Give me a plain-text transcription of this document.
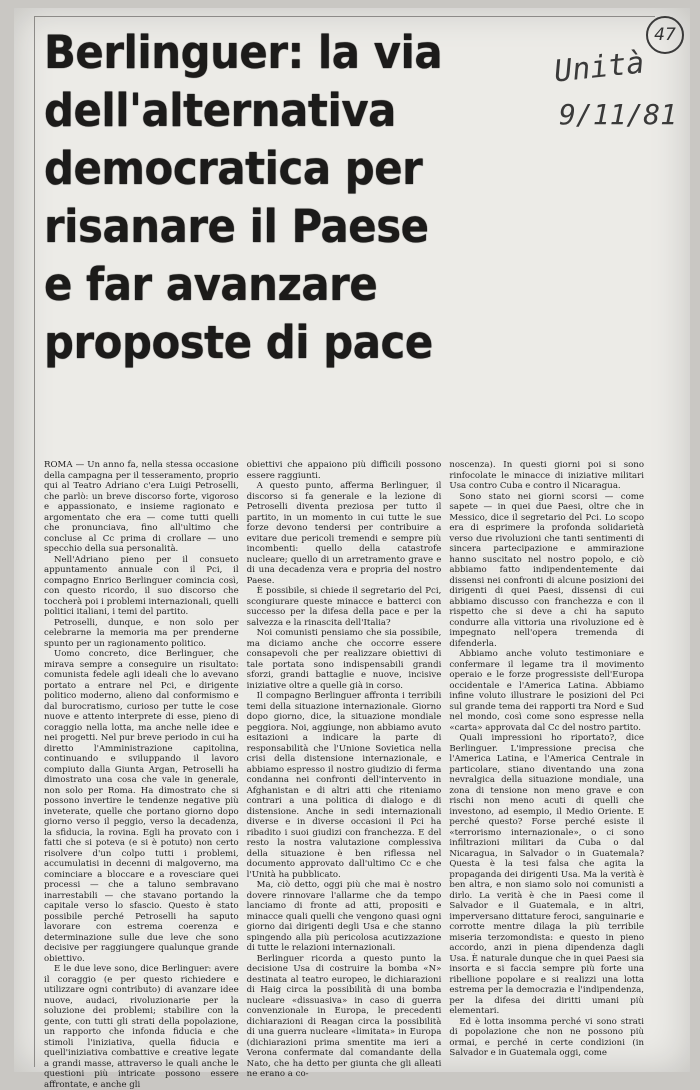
47
Unità
9/11/81
Berlinguer: la via
dell'alternativa
democratica per
risanare il Paese
e far avanzare
proposte di pace

ROMA — Un anno fa, nella stessa occasione della campagna per il tesseramento, proprio qui al Teatro Adriano c'era Luigi Petroselli, che parlò: un breve discorso forte, vigoroso e appassionato, e insieme ragionato e argomentato che era — come tutti quelli che pronunciava, fino all'ultimo che concluse al Cc prima di crollare — uno specchio della sua personalità.

Nell'Adriano pieno per il consueto appuntamento annuale con il Pci, il compagno Enrico Berlinguer comincia così, con questo ricordo, il suo discorso che toccherà poi i problemi internazionali, quelli politici italiani, i temi del partito.

Petroselli, dunque, e non solo per celebrarne la memoria ma per prenderne spunto per un ragionamento politico.

Uomo concreto, dice Berlinguer, che mirava sempre a conseguire un risultato: comunista fedele agli ideali che lo avevano portato a entrare nel Pci, e dirigente politico moderno, alieno dal conformismo e dal burocratismo, curioso per tutte le cose nuove e attento interprete di esse, pieno di coraggio nella lotta, ma anche nelle idee e nei progetti. Nel pur breve periodo in cui ha diretto l'Amministrazione capitolina, continuando e sviluppando il lavoro compiuto dalla Giunta Argan, Petroselli ha dimostrato una cosa che vale in generale, non solo per Roma. Ha dimostrato che si possono invertire le tendenze negative più inveterate, quelle che portano giorno dopo giorno verso il peggio, verso la decadenza, la sfiducia, la rovina. Egli ha provato con i fatti che si poteva (e si è potuto) non certo risolvere d'un colpo tutti i problemi, accumulatisi in decenni di malgoverno, ma cominciare a bloccare e a rovesciare quei processi — che a taluno sembravano inarrestabili — che stavano portando la capitale verso lo sfascio. Questo è stato possibile perché Petroselli ha saputo lavorare con estrema coerenza e determinazione sulle due leve che sono decisive per raggiungere qualunque grande obiettivo.

E le due leve sono, dice Berlinguer: avere il coraggio (e per questo richiedere e utilizzare ogni contributo) di avanzare idee nuove, audaci, rivoluzionarie per la soluzione dei problemi; stabilire con la gente, con tutti gli strati della popolazione, un rapporto che infonda fiducia e che stimoli l'iniziativa, quella fiducia e quell'iniziativa combattive e creative legate a grandi masse, attraverso le quali anche le questioni più intricate possono essere affrontate, e anche gli

obiettivi che appaiono più difficili possono essere raggiunti.

A questo punto, afferma Berlinguer, il discorso si fa generale e la lezione di Petroselli diventa preziosa per tutto il partito, in un momento in cui tutte le sue forze devono tendersi per contribuire a evitare due pericoli tremendi e sempre più incombenti: quello della catastrofe nucleare; quello di un arretramento grave e di una decadenza vera e propria del nostro Paese.

È possibile, si chiede il segretario del Pci, scongiurare queste minacce e batterci con successo per la difesa della pace e per la salvezza e la rinascita dell'Italia?

Noi comunisti pensiamo che sia possibile, ma diciamo anche che occorre essere consapevoli che per realizzare obiettivi di tale portata sono indispensabili grandi sforzi, grandi battaglie e nuove, incisive iniziative oltre a quelle già in corso.

Il compagno Berlinguer affronta i terribili temi della situazione internazionale. Giorno dopo giorno, dice, la situazione mondiale peggiora. Noi, aggiunge, non abbiamo avuto esitazioni a indicare la parte di responsabilità che l'Unione Sovietica nella crisi della distensione internazionale, e abbiamo espresso il nostro giudizio di ferma condanna nei confronti dell'intervento in Afghanistan e di altri atti che riteniamo contrari a una politica di dialogo e di distensione. Anche in sedi internazionali diverse e in diverse occasioni il Pci ha ribadito i suoi giudizi con franchezza. E del resto la nostra valutazione complessiva della situazione è ben riflessa nel documento approvato dall'ultimo Cc e che l'Unità ha pubblicato.

Ma, ciò detto, oggi più che mai è nostro dovere rinnovare l'allarme che da tempo lanciamo di fronte ad atti, propositi e minacce quali quelli che vengono quasi ogni giorno dai dirigenti degli Usa e che stanno spingendo alla più pericolosa acutizzazione di tutte le relazioni internazionali.

Berlinguer ricorda a questo punto la decisione Usa di costruire la bomba «N» destinata al teatro europeo, le dichiarazioni di Haig circa la possibilità di una bomba nucleare «dissuasiva» in caso di guerra convenzionale in Europa, le precedenti dichiarazioni di Reagan circa la possibilità di una guerra nucleare «limitata» in Europa (dichiarazioni prima smentite ma ieri a Verona confermate dal comandante della Nato, che ha detto per giunta che gli alleati ne erano a co-

noscenza). In questi giorni poi si sono rinfocolate le minacce di iniziative militari Usa contro Cuba e contro il Nicaragua.

Sono stato nei giorni scorsi — come sapete — in quei due Paesi, oltre che in Messico, dice il segretario del Pci. Lo scopo era di esprimere la profonda solidarietà verso due rivoluzioni che tanti sentimenti di sincera partecipazione e ammirazione hanno suscitato nel nostro popolo, e ciò abbiamo fatto indipendentemente dai dissensi nei confronti di alcune posizioni dei dirigenti di quei Paesi, dissensi di cui abbiamo discusso con franchezza e con il rispetto che si deve a chi ha saputo condurre alla vittoria una rivoluzione ed è impegnato nell'opera tremenda di difenderla.

Abbiamo anche voluto testimoniare e confermare il legame tra il movimento operaio e le forze progressiste dell'Europa occidentale e l'America Latina. Abbiamo infine voluto illustrare le posizioni del Pci sul grande tema dei rapporti tra Nord e Sud nel mondo, così come sono espresse nella «carta» approvata dal Cc del nostro partito.

Quali impressioni ho riportato?, dice Berlinguer. L'impressione precisa che l'America Latina, e l'America Centrale in particolare, stiano diventando una zona nevralgica della situazione mondiale, una zona di tensione non meno grave e con rischi non meno acuti di quelli che investono, ad esempio, il Medio Oriente. E perché questo? Forse perché esiste il «terrorismo internazionale», o ci sono infiltrazioni militari da Cuba o dal Nicaragua, in Salvador o in Guatemala? Questa è la tesi falsa che agita la propaganda dei dirigenti Usa. Ma la verità è ben altra, e non siamo solo noi comunisti a dirlo. La verità è che in Paesi come il Salvador e il Guatemala, e in altri, imperversano dittature feroci, sanguinarie e corrotte mentre dilaga la più terribile miseria terzomondista: e questo in pieno accordo, anzi in piena dipendenza dagli Usa. È naturale dunque che in quei Paesi sia insorta e si faccia sempre più forte una ribellione popolare e si realizzi una lotta estrema per la democrazia e l'indipendenza, per la difesa dei diritti umani più elementari.

Ed è lotta insomma perché vi sono strati di popolazione che non ne possono più ormai, e perché in certe condizioni (in Salvador e in Guatemala oggi, come
